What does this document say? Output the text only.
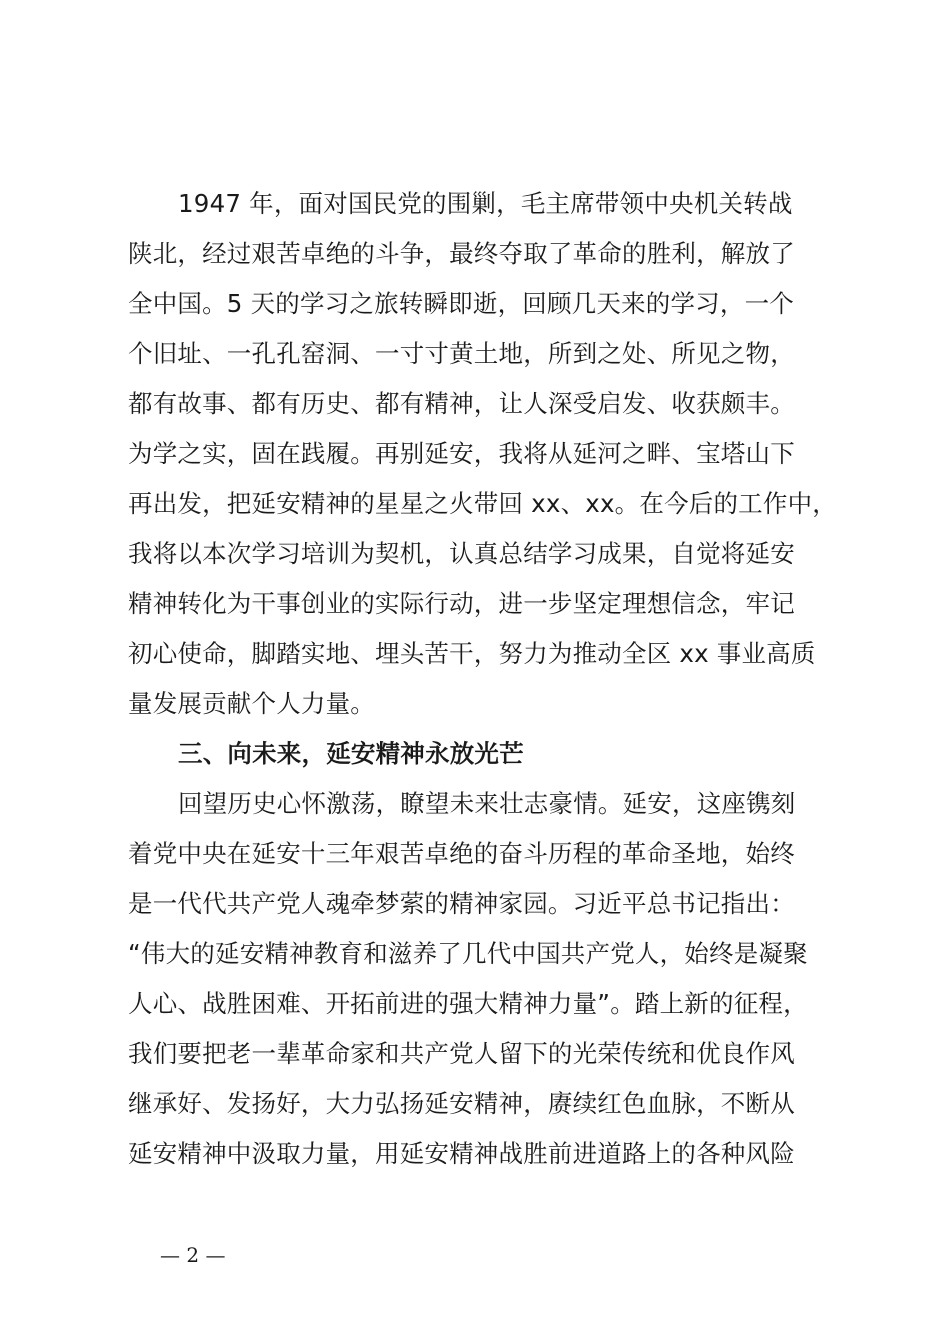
1947 年，面对国民党的围剿，毛主席带领中央机关转战
陕北，经过艰苦卓绝的斗争，最终夺取了革命的胜利，解放了
全中国。5 天的学习之旅转瞬即逝，回顾几天来的学习，一个
个旧址、一孔孔窑洞、一寸寸黄土地，所到之处、所见之物，
都有故事、都有历史、都有精神，让人深受启发、收获颇丰。
为学之实，固在践履。再别延安，我将从延河之畔、宝塔山下
再出发，把延安精神的星星之火带回 xx、xx。在今后的工作中，
我将以本次学习培训为契机，认真总结学习成果，自觉将延安
精神转化为干事创业的实际行动，进一步坚定理想信念，牢记
初心使命，脚踏实地、埋头苦干，努力为推动全区 xx 事业高质
量发展贡献个人力量。
三、向未来，延安精神永放光芒
回望历史心怀激荡，瞭望未来壮志豪情。延安，这座镌刻
着党中央在延安十三年艰苦卓绝的奋斗历程的革命圣地，始终
是一代代共产党人魂牵梦萦的精神家园。习近平总书记指出：
“伟大的延安精神教育和滋养了几代中国共产党人，始终是凝聚
人心、战胜困难、开拓前进的强大精神力量”。踏上新的征程，
我们要把老一辈革命家和共产党人留下的光荣传统和优良作风
继承好、发扬好，大力弘扬延安精神，赓续红色血脉，不断从
延安精神中汲取力量，用延安精神战胜前进道路上的各种风险
— 2 —
